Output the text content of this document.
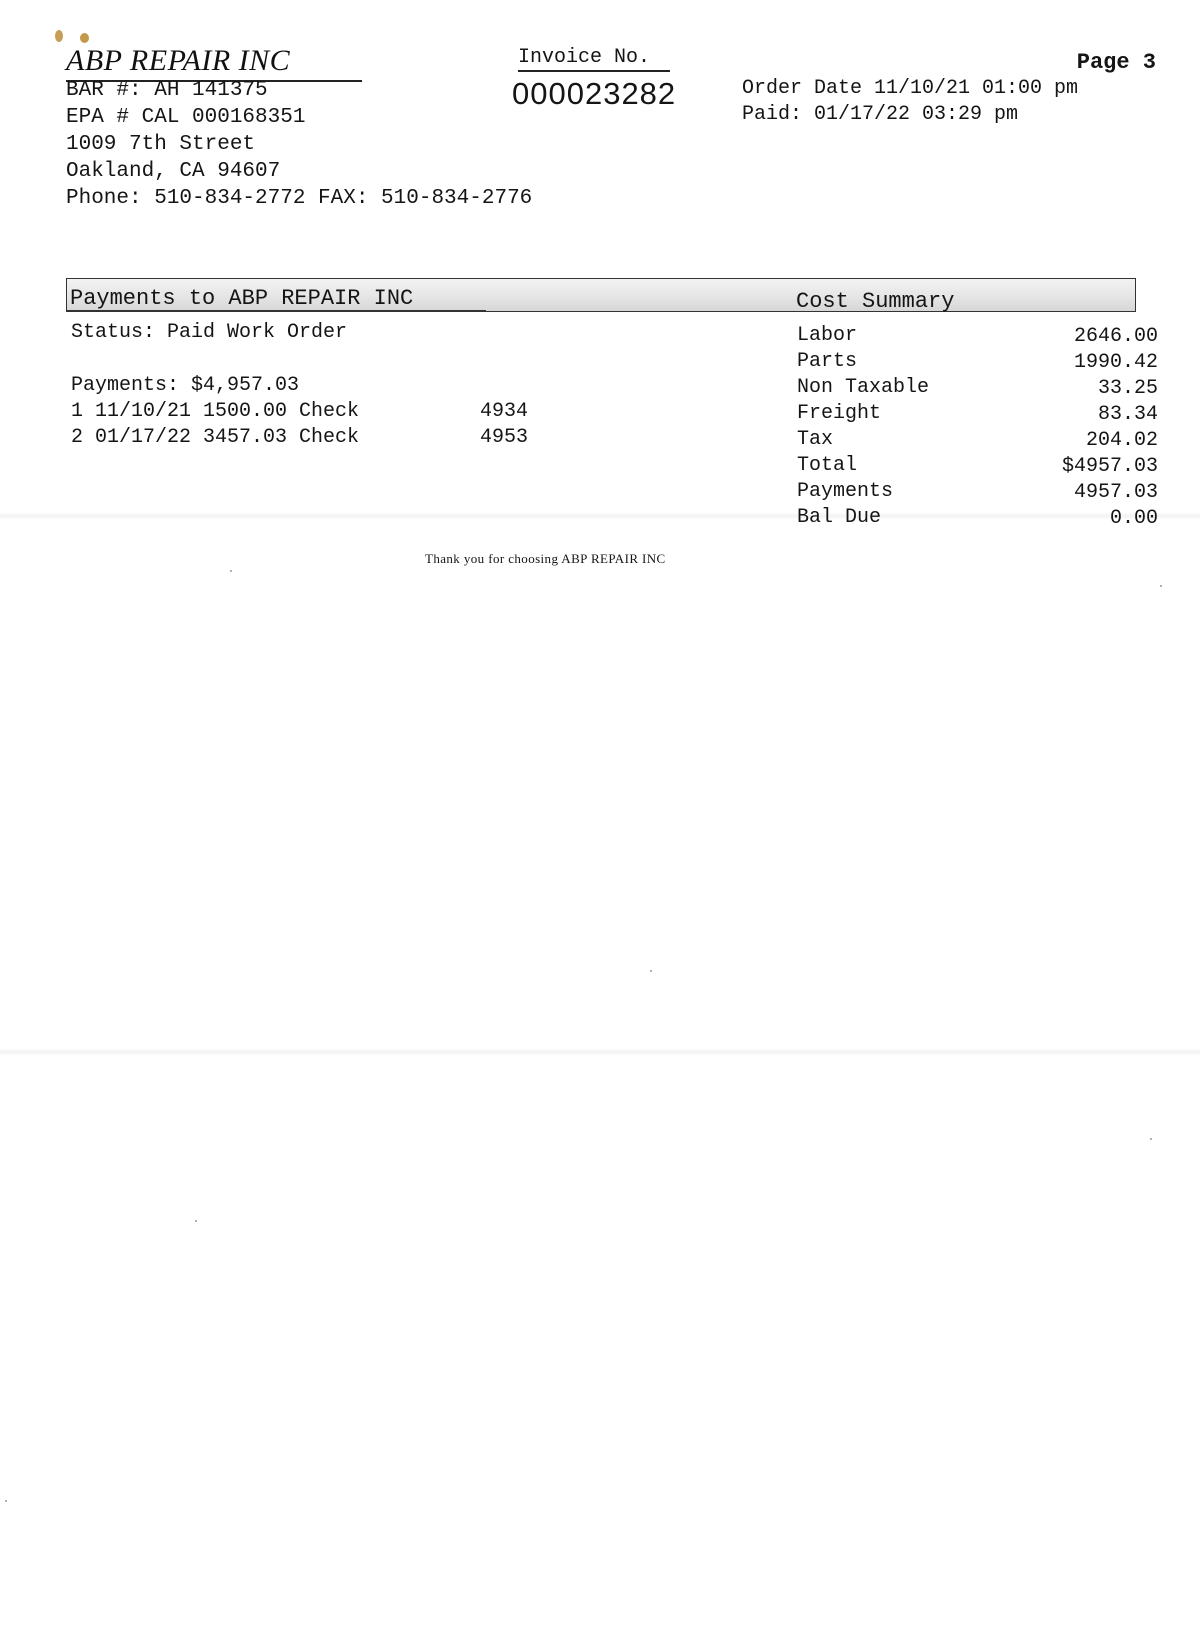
ABP REPAIR INC
BAR #: AH 141375
EPA # CAL 000168351
1009 7th Street
Oakland, CA 94607
Phone: 510-834-2772 FAX: 510-834-2776
Invoice No.
000023282
Page 3
Order Date 11/10/21 01:00 pm
Paid: 01/17/22 03:29 pm
Payments to ABP REPAIR INC	Cost Summary
Status: Paid Work Order
Payments: $4,957.03
1 11/10/21 1500.00 Check	4934
2 01/17/22 3457.03 Check	4953
Labor	2646.00
Parts	1990.42
Non Taxable	33.25
Freight	83.34
Tax	204.02
Total	$4957.03
Payments	4957.03
Bal Due	0.00
Thank you for choosing ABP REPAIR INC
